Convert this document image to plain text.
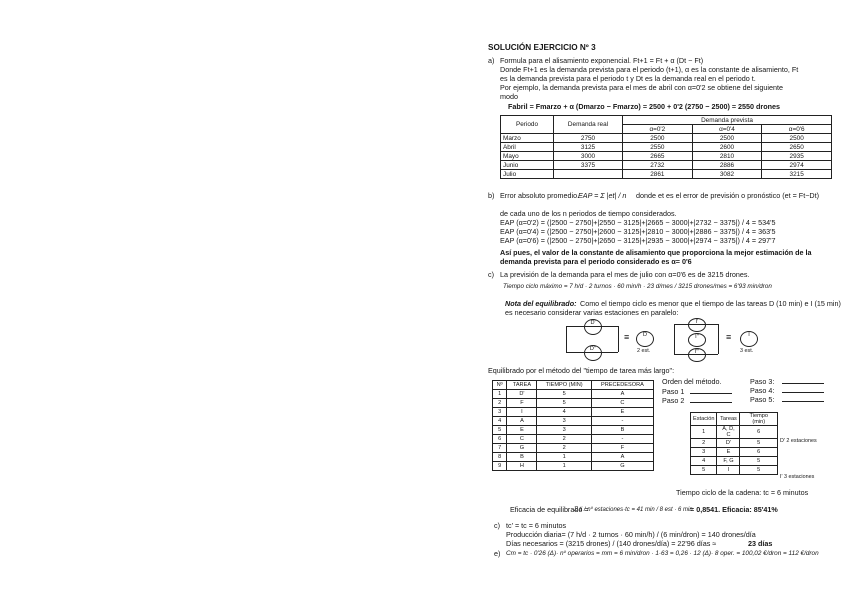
SOLUCIÓN EJERCICIO Nº 3
a) Formula para el alisamiento exponencial. Ft+1 = Ft + α (Dt − Ft)
Donde Ft+1 es la demanda prevista para el periodo (t+1), α es la constante de alisamiento, Ft
es la demanda prevista para el periodo t y Dt es la demanda real en el periodo t.
Por ejemplo, la demanda prevista para el mes de abril con α=0'2 se obtiene del siguiente
modo
Fabril = Fmarzo + α (Dmarzo − Fmarzo) = 2500 + 0'2 (2750 − 2500) = 2550 drones
Periodo	Demanda real	Demanda prevista		
		α=0'2	α=0'4	α=0'6
Marzo	2750	2500	2500	2500
Abril	3125	2550	2600	2650
Mayo	3000	2665	2810	2935
Junio	3375	2732	2886	2974
Julio		2861	3082	3215
b) Error absoluto promedio.
EAP = Σ |et| / n donde et es el error de previsión o pronóstico (et = Ft−Dt)
de cada uno de los n periodos de tiempo considerados.
EAP (α=0'2) = (|2500 − 2750|+|2550 − 3125|+|2665 − 3000|+|2732 − 3375|) / 4 = 534'5
EAP (α=0'4) = (|2500 − 2750|+|2600 − 3125|+|2810 − 3000|+|2886 − 3375|) / 4 = 363'5
EAP (α=0'6) = (|2500 − 2750|+|2650 − 3125|+|2935 − 3000|+|2974 − 3375|) / 4 = 297'7
Así pues, el valor de la constante de alisamiento que proporciona la mejor estimación de la
demanda prevista para el periodo considerado es α= 0'6
c) La previsión de la demanda para el mes de julio con α=0'6 es de 3215 drones.
Tiempo ciclo máximo = 7 h/d · 2 turnos · 60 min/h · 23 d/mes / 3215 drones/mes = 6'93 min/dron
Nota del equilibrado: Como el tiempo ciclo es menor que el tiempo de las tareas D (10 min) e I (15 min)
es necesario considerar varias estaciones en paralelo:
D'
D''
≡	D
2 est.
I'
I''
I'''
≡	I
3 est.
Equilibrado por el método del "tiempo de tarea más largo":
Nº	TAREA	TIEMPO (MIN)	PRECEDESORA
1	D'	5	A
2	F	5	C
3	I	4	E
4	A	3	-
5	E	3	B
6	C	2	-
7	G	2	F
8	B	1	A
9	H	1	G
Orden del método.
Paso 1
Paso 2
Paso 3:
Paso 4:
Paso 5:
Estación	Tareas	Tiempo (min)
1	A, D, C	6
2	D'	5
3	E	6
4	F, G	5
5	I	5
D' 2 estaciones
I' 3 estaciones
Tiempo ciclo de la cadena: tc = 6 minutos
Eficacia de equilibrado =
Σ ti / nº estaciones·tc = 41 min / 8 est · 6 min
= 0,8541. Eficacia: 85'41%
c) tc' = tc = 6 minutos
Producción diaria= (7 h/d · 2 turnos · 60 min/h) / (6 min/dron) = 140 drones/día
Días necesarios = (3215 drones) / (140 drones/día) = 22'96 días ≈	23 días
e) Cm = tc · 0'26 (Δ)· nº operarios = mm = 6 min/dron · 1·63 = 0,26 · 12 (Δ)· 8 oper. = 100,02 €/dron = 112 €/dron
